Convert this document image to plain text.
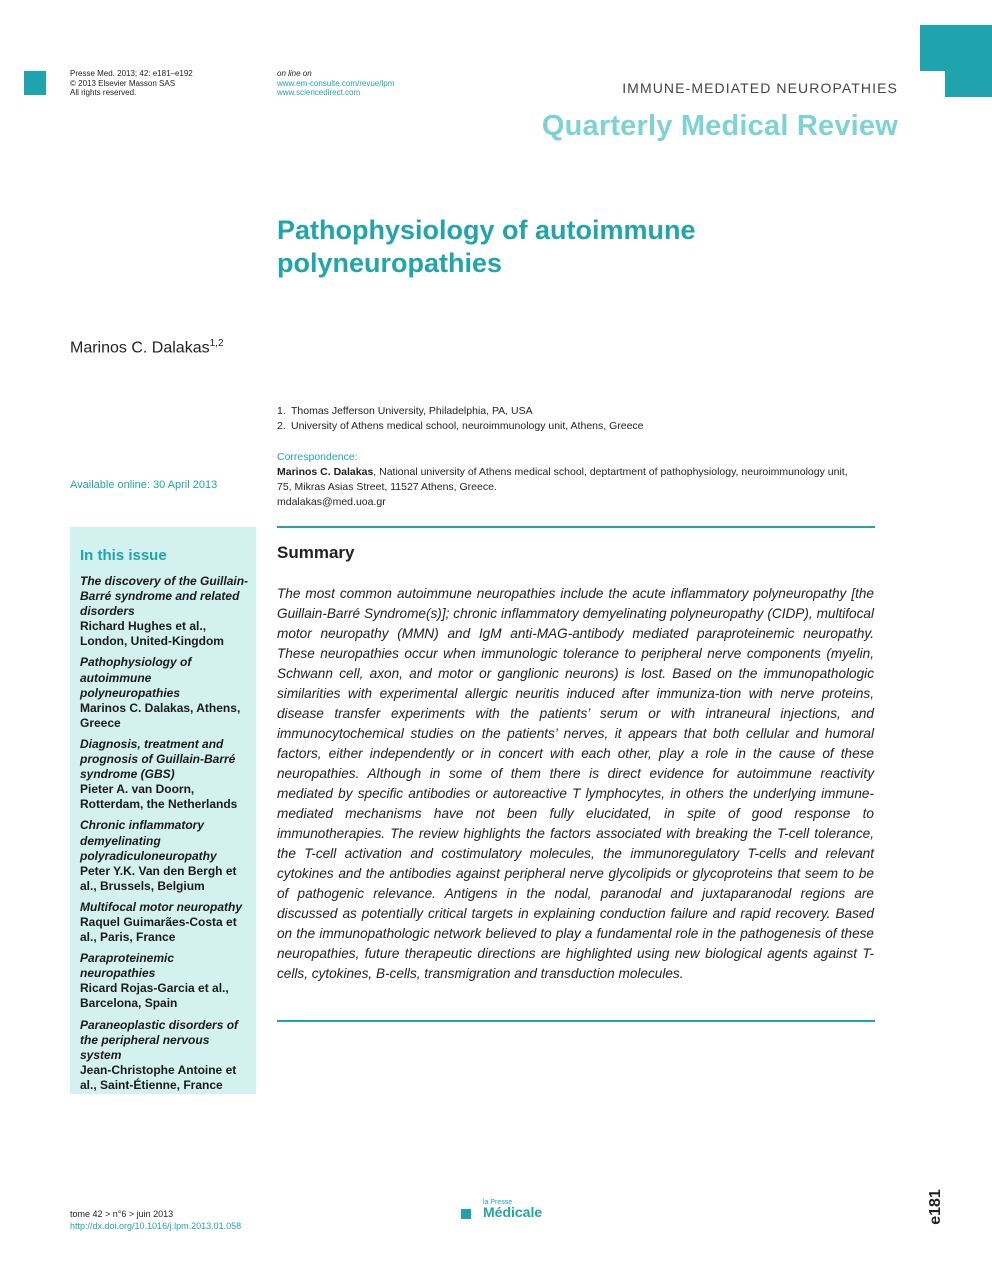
Presse Med. 2013; 42: e181–e192
© 2013 Elsevier Masson SAS
All rights reserved.
on line on
www.em-consulte.com/revue/lpm
www.sciencedirect.com	IMMUNE-MEDIATED NEUROPATHIES
Quarterly Medical Review
Pathophysiology of autoimmune polyneuropathies
Marinos C. Dalakas$^{1,2}$
1. Thomas Jefferson University, Philadelphia, PA, USA
2. University of Athens medical school, neuroimmunology unit, Athens, Greece
Available online: 30 April 2013
Correspondence:
Marinos C. Dalakas, National university of Athens medical school, deptartment of pathophysiology, neuroimmunology unit,
75, Mikras Asias Street, 11527 Athens, Greece.
mdalakas@med.uoa.gr
Summary

The most common autoimmune neuropathies include the acute inflammatory polyneuropathy [the Guillain-Barré Syndrome(s)]; chronic inflammatory demyelinating polyneuropathy (CIDP), multifocal motor neuropathy (MMN) and IgM anti-MAG-antibody mediated paraproteinemic neuropathy. These neuropathies occur when immunologic tolerance to peripheral nerve components (myelin, Schwann cell, axon, and motor or ganglionic neurons) is lost. Based on the immunopathologic similarities with experimental allergic neuritis induced after immuniza-tion with nerve proteins, disease transfer experiments with the patients’ serum or with intraneural injections, and immunocytochemical studies on the patients’ nerves, it appears that both cellular and humoral factors, either independently or in concert with each other, play a role in the cause of these neuropathies. Although in some of them there is direct evidence for autoimmune reactivity mediated by specific antibodies or autoreactive T lymphocytes, in others the underlying immune-mediated mechanisms have not been fully elucidated, in spite of good response to immunotherapies. The review highlights the factors associated with breaking the T-cell tolerance, the T-cell activation and costimulatory molecules, the immunoregulatory T-cells and relevant cytokines and the antibodies against peripheral nerve glycolipids or glycoproteins that seem to be of pathogenic relevance. Antigens in the nodal, paranodal and juxtaparanodal regions are discussed as potentially critical targets in explaining conduction failure and rapid recovery. Based on the immunopathologic network believed to play a fundamental role in the pathogenesis of these neuropathies, future therapeutic directions are highlighted using new biological agents against T-cells, cytokines, B-cells, transmigration and transduction molecules.

In this issue
The discovery of the Guillain-Barré syndrome and related disorders
Richard Hughes et al., London, United-Kingdom
Pathophysiology of autoimmune polyneuropathies
Marinos C. Dalakas, Athens, Greece
Diagnosis, treatment and prognosis of Guillain-Barré syndrome (GBS)
Pieter A. van Doorn, Rotterdam, the Netherlands
Chronic inflammatory demyelinating polyradiculoneuropathy
Peter Y.K. Van den Bergh et al., Brussels, Belgium
Multifocal motor neuropathy
Raquel Guimarães-Costa et al., Paris, France
Paraproteinemic neuropathies
Ricard Rojas-Garcia et al., Barcelona, Spain
Paraneoplastic disorders of the peripheral nervous system
Jean-Christophe Antoine et al., Saint-Étienne, France
tome 42 > n°6 > juin 2013
http://dx.doi.org/10.1016/j.lpm.2013.01.058
la Presse
Médicale	e181
